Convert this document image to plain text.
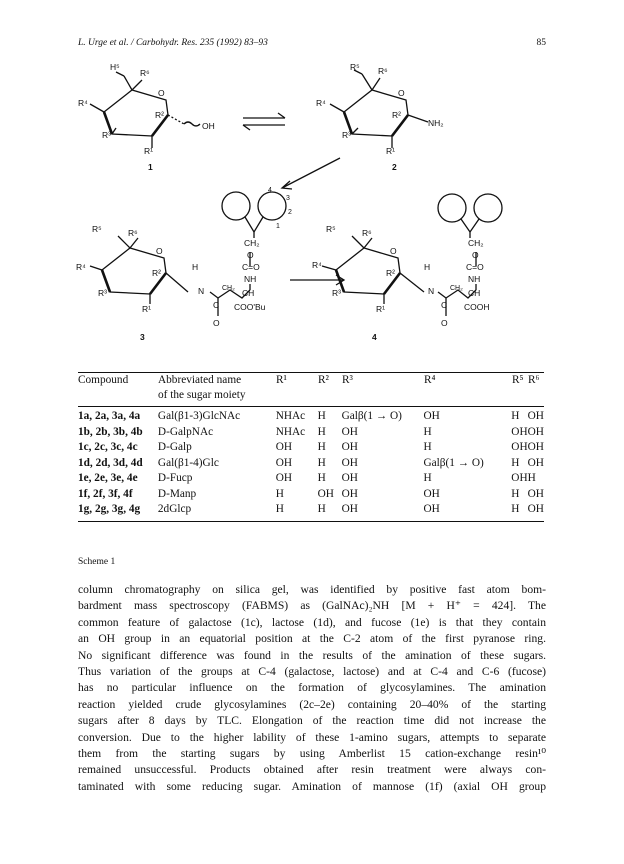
L. Urge et al. / Carbohydr. Res. 235 (1992) 83–93	85
H⁵
R⁶
R⁴
O
R²
R³
R¹
OH
1
R⁵ R⁶
R⁴
O
R²
R³
R¹
NH₂
2
4
3
2
1
CH₂
O
C=O
NH
CH
CH₂
COO'Bu
H
N
C
O
R⁵	R⁶
R⁴
O
R²
R³
R¹
3
CH₂
O
C=O
NH
CH
CH₂
COOH
H
N
C
O
R⁵	R⁶
R⁴
O
R²
R³
R¹
4
Compound	Abbreviated name	R¹	R²	R³	R⁴	R⁵	R⁶
	of the sugar moiety						
1a, 2a, 3a, 4a	Gal(β1-3)GlcNAc	NHAc	H	Galβ(1 → O)	OH	H	OH
1b, 2b, 3b, 4b	D-GalpNAc	NHAc	H	OH	H	OH	OH
1c, 2c, 3c, 4c	D-Galp	OH	H	OH	H	OH	OH
1d, 2d, 3d, 4d	Gal(β1-4)Glc	OH	H	OH	Galβ(1 → O)	H	OH
1e, 2e, 3e, 4e	D-Fucp	OH	H	OH	H	OH	H
1f, 2f, 3f, 4f	D-Manp	H	OH	OH	OH	H	OH
1g, 2g, 3g, 4g	2dGlcp	H	H	OH	OH	H	OH
Scheme 1
column chromatography on silica gel, was identified by positive fast atom bom-
bardment mass spectroscopy (FABMS) as (GalNAc)₂NH [M + H⁺ = 424]. The
common feature of galactose (1c), lactose (1d), and fucose (1e) is that they contain
an OH group in an equatorial position at the C-2 atom of the first pyranose ring.
No significant difference was found in the results of the amination of these sugars.
Thus variation of the groups at C-4 (galactose, lactose) and at C-4 and C-6 (fucose)
has no particular influence on the formation of glycosylamines. The amination
reaction yielded crude glycosylamines (2c–2e) containing 20–40% of the starting
sugars after 8 days by TLC. Elongation of the reaction time did not increase the
conversion. Due to the higher lability of these 1-amino sugars, attempts to separate
them from the starting sugars by using Amberlist 15 cation-exchange resin¹⁰
remained unsuccessful. Products obtained after resin treatment were always con-
taminated with some reducing sugar. Amination of mannose (1f) (axial OH group
